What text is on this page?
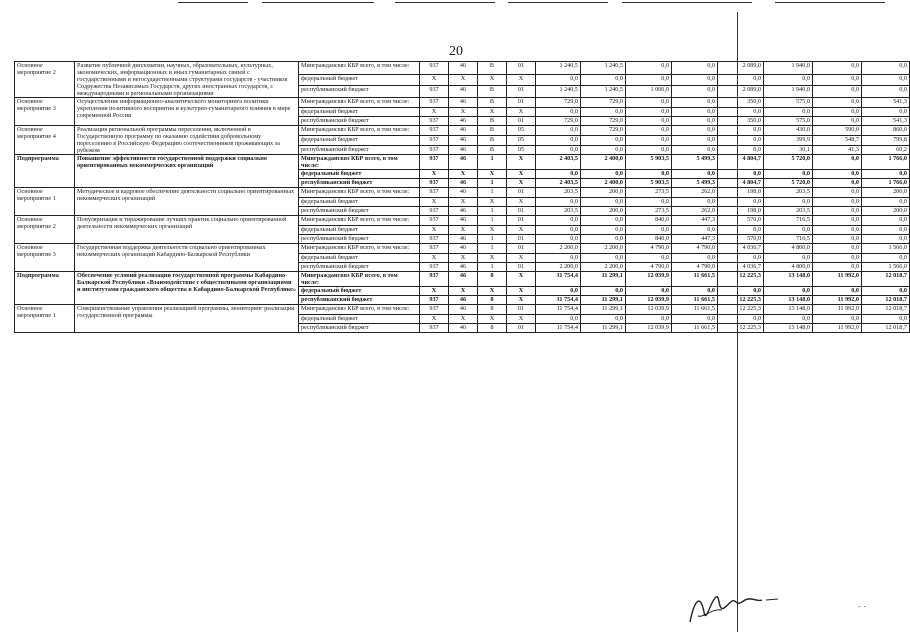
20
Основное мероприятие 2	Развитие публичной дипломатии, научных, образовательных, культурных, экономических, информационных и иных гуманитарных связей с государственными и негосударственными структурами государств - участников Содружества Независимых Государств, других иностранных государств, с международными и региональными организациями	Минграждансвяз КБР всего, в том числе:	937	46	В	01	1 240,5	1 240,5	0,0	0,0	2 089,0	1 940,0	0,0	0,0
		федеральный бюджет	X	X	X	X	0,0	0,0	0,0	0,0	0,0	0,0	0,0	0,0
		республиканский бюджет	937	46	В	01	1 240,5	1 240,5	1 000,0	0,0	2 089,0	1 940,0	0,0	0,0
Основное мероприятие 3	Осуществление информационно-аналитического мониторинга политики укрепления позитивного восприятия и культурно-гуманитарного влияния в мире современной России	Минграждансвяз КБР всего, в том числе:	937	46	В	01	729,0	729,0	0,0	0,0	350,0	575,0	0,0	541,3
		федеральный бюджет	X	X	X	X	0,0	0,0	0,0	0,0	0,0	0,0	0,0	0,0
		республиканский бюджет	937	46	В	01	729,0	729,0	0,0	0,0	350,0	575,0	0,0	541,3
Основное мероприятие 4	Реализация региональной программы переселения, включенной в Государственную программу по оказанию содействия добровольному переселению в Российскую Федерацию соотечественников проживающих за рубежом	Минграждансвяз КБР всего, в том числе:	937	46	В	05	0,0	729,0	0,0	0,0	0,0	430,0	590,0	860,0
		федеральный бюджет	937	46	В	05	0,0	0,0	0,0	0,0	0,0	399,9	548,7	799,8
		республиканский бюджет	937	46	В	05	0,0	0,0	0,0	0,0	0,0	30,1	41,3	60,2
Подпрограмма	Повышение эффективности государственной поддержки социально ориентированных некоммерческих организаций	Минграждансвяз КБР всего, в том числе:	937	46	1	X	2 403,5	2 400,0	5 903,5	5 499,3	4 804,7	5 720,0	0,0	1 766,0
		федеральный бюджет	X	X	X	X	0,0	0,0	0,0	0,0	0,0	0,0	0,0	0,0
		республиканский бюджет	937	46	1	X	2 403,5	2 400,0	5 903,5	5 499,3	4 804,7	5 720,0	0,0	1 766,0
Основное мероприятие 1	Методическое и кадровое обеспечение деятельности социально ориентированных некоммерческих организаций	Минграждансвяз КБР всего, в том числе:	937	46	1	01	203,5	200,0	273,5	262,0	198,0	203,5	0,0	200,0
		федеральный бюджет	X	X	X	X	0,0	0,0	0,0	0,0	0,0	0,0	0,0	0,0
		республиканский бюджет	937	46	1	01	203,5	200,0	273,5	262,0	198,0	203,5	0,0	200,0
Основное мероприятие 2	Популяризация и тиражирование лучших практик социально ориентированной деятельности некоммерческих организаций	Минграждансвяз КБР всего, в том числе:	937	46	1	01	0,0	0,0	840,0	447,3	570,0	716,5	0,0	0,0
		федеральный бюджет	X	X	X	X	0,0	0,0	0,0	0,0	0,0	0,0	0,0	0,0
		республиканский бюджет	937	46	1	01	0,0	0,0	840,0	447,3	570,0	716,5	0,0	0,0
Основное мероприятие 3	Государственная поддержка деятельности социально ориентированных некоммерческих организаций Кабардино-Балкарской Республики	Минграждансвяз КБР всего, в том числе:	937	46	1	01	2 200,0	2 200,0	4 790,0	4 790,0	4 036,7	4 800,0	0,0	1 566,0
		федеральный бюджет	X	X	X	X	0,0	0,0	0,0	0,0	0,0	0,0	0,0	0,0
		республиканский бюджет	937	46	1	01	2 200,0	2 200,0	4 790,0	4 790,0	4 036,7	4 800,0	0,0	1 566,0
Подпрограмма	Обеспечение условий реализации государственной программы Кабардино-Балкарской Республики «Взаимодействие с общественными организациями и институтами гражданского общества в Кабардино-Балкарской Республике»	Минграждансвяз КБР всего, в том числе:	937	46	8	X	11 754,4	11 299,1	12 039,9	11 661,5	12 225,3	13 148,0	11 992,0	12 018,7
		федеральный бюджет	X	X	X	X	0,0	0,0	0,0	0,0	0,0	0,0	0,0	0,0
		республиканский бюджет	937	46	8	X	11 754,4	11 299,1	12 039,9	11 661,5	12 225,3	13 148,0	11 992,0	12 018,7
Основное мероприятие 1	Совершенствование управления реализацией программы, мониторинг реализации государственной программы	Минграждансвяз КБР всего, в том числе:	937	46	8	01	11 754,4	11 299,1	12 039,9	11 661,5	12 225,3	13 148,0	11 992,0	12 018,7
		федеральный бюджет	X	X	X	X	0,0	0,0	0,0	0,0	0,0	0,0	0,0	0,0
		республиканский бюджет	937	46	8	01	11 754,4	11 299,1	12 039,9	11 661,5	12 225,3	13 148,0	11 992,0	12 018,7
.  .
